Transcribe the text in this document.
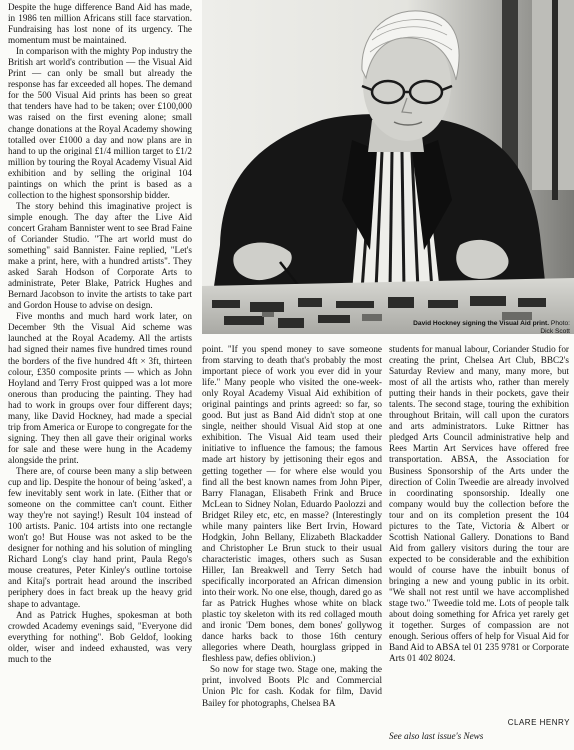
David Hockney signing the Visual Aid print. Photo:
Dick Scott

Despite the huge difference Band Aid has made, in 1986 ten million Africans still face starvation. Fundraising has lost none of its urgency. The momentum must be maintained.

In comparison with the mighty Pop industry the British art world's contribution — the Visual Aid Print — can only be small but already the response has far exceeded all hopes. The demand for the 500 Visual Aid prints has been so great that tenders have had to be taken; over £100,000 was raised on the first evening alone; small change donations at the Royal Academy showing totalled over £1000 a day and now plans are in hand to up the original £1/4 million target to £1/2 million by touring the Royal Academy Visual Aid exhibition and by selling the original 104 paintings on which the print is based as a collection to the highest sponsorship bidder.

The story behind this imaginative project is simple enough. The day after the Live Aid concert Graham Bannister went to see Brad Faine of Coriander Studio. "The art world must do something" said Bannister. Faine replied, "Let's make a print, here, with a hundred artists". They asked Sarah Hodson of Corporate Arts to administrate, Peter Blake, Patrick Hughes and Bernard Jacobson to invite the artists to take part and Gordon House to advise on design.

Five months and much hard work later, on December 9th the Visual Aid scheme was launched at the Royal Academy. All the artists had signed their names five hundred times round the borders of the five hundred 4ft × 3ft, thirteen colour, £350 composite prints — which as John Hoyland and Terry Frost quipped was a lot more onerous than producing the painting. They had had to work in groups over four different days; many, like David Hockney, had made a special trip from America or Europe to congregate for the signing. They then all gave their original works for sale and these were hung in the Academy alongside the print.

There are, of course been many a slip between cup and lip. Despite the honour of being 'asked', a few inevitably sent work in late. (Either that or someone on the committee can't count. Either way they're not saying!) Result 104 instead of 100 artists. Panic. 104 artists into one rectangle won't go! But House was not asked to be the designer for nothing and his solution of mingling Richard Long's clay hand print, Paula Rego's mouse creatures, Peter Kinley's outline tortoise and Kitaj's portrait head around the inscribed periphery does in fact break up the heavy grid shape to advantage.

And as Patrick Hughes, spokesman at both crowded Academy evenings said, "Everyone did everything for nothing". Bob Geldof, looking older, wiser and indeed exhausted, was very much to the

point. "If you spend money to save someone from starving to death that's probably the most important piece of work you ever did in your life." Many people who visited the one-week-only Royal Academy Visual Aid exhibition of original paintings and prints agreed: so far, so good. But just as Band Aid didn't stop at one single, neither should Visual Aid stop at one exhibition. The Visual Aid team used their initiative to influence the famous; the famous made art history by jettisoning their egos and getting together — for where else would you find all the best known names from John Piper, Barry Flanagan, Elisabeth Frink and Bruce McLean to Sidney Nolan, Eduardo Paolozzi and Bridget Riley etc, etc, en masse? (Interestingly while many painters like Bert Irvin, Howard Hodgkin, John Bellany, Elizabeth Blackadder and Christopher Le Brun stuck to their usual characteristic images, others such as Susan Hiller, Ian Breakwell and Terry Setch had specifically incorporated an African dimension into their work. No one else, though, dared go as far as Patrick Hughes whose white on black plastic toy skeleton with its red collaged mouth and ironic 'Dem bones, dem bones' gollywog dance harks back to those 16th century allegories where Death, hourglass gripped in fleshless paw, defies oblivion.)

So now for stage two. Stage one, making the print, involved Boots Plc and Commercial Union Plc for cash. Kodak for film, David Bailey for photographs, Chelsea BA

students for manual labour, Coriander Studio for creating the print, Chelsea Art Club, BBC2's Saturday Review and many, many more, but most of all the artists who, rather than merely putting their hands in their pockets, gave their talents. The second stage, touring the exhibition throughout Britain, will call upon the curators and arts administrators. Luke Rittner has pledged Arts Council administrative help and Rees Martin Art Services have offered free transportation. ABSA, the Association for Business Sponsorship of the Arts under the direction of Colin Tweedie are already involved in coordinating sponsorship. Ideally one company would buy the collection before the tour and on its completion present the 104 pictures to the Tate, Victoria & Albert or Scottish National Gallery. Donations to Band Aid from gallery visitors during the tour are expected to be considerable and the exhibition would of course have the inbuilt bonus of bringing a new and young public in its orbit. "We shall not rest until we have accomplished stage two." Tweedie told me. Lots of people talk about doing something for Africa yet rarely get it together. Surges of compassion are not enough. Serious offers of help for Visual Aid for Band Aid to ABSA tel 01 235 9781 or Corporate Arts 01 402 8024.

CLARE HENRY
See also last issue's News
